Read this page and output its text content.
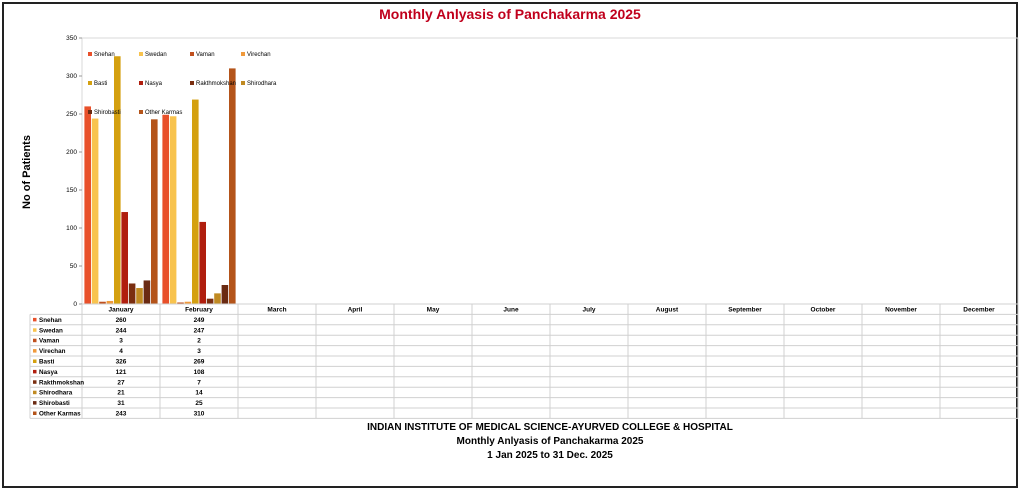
Monthly Anlyasis of Panchakarma 2025
No of Patients
0
50
100
150
200
250
300
350
Snehan	Swedan	Vaman	Virechan
Basti	Nasya	Rakthmokshan Shirodhara
Shirobasti	Other Karmas
January	February	March	April	May	June	July	August	September	October	November	December
Snehan	260	249
Swedan	244	247
Vaman	3	2
Virechan	4	3
Basti	326	269
Nasya	121	108
Rakthmokshan	27	7
Shirodhara	21	14
Shirobasti	31	25
Other Karmas	243	310
INDIAN INSTITUTE OF MEDICAL SCIENCE-AYURVED COLLEGE & HOSPITAL
Monthly Anlyasis of Panchakarma 2025
1 Jan 2025 to 31 Dec. 2025
